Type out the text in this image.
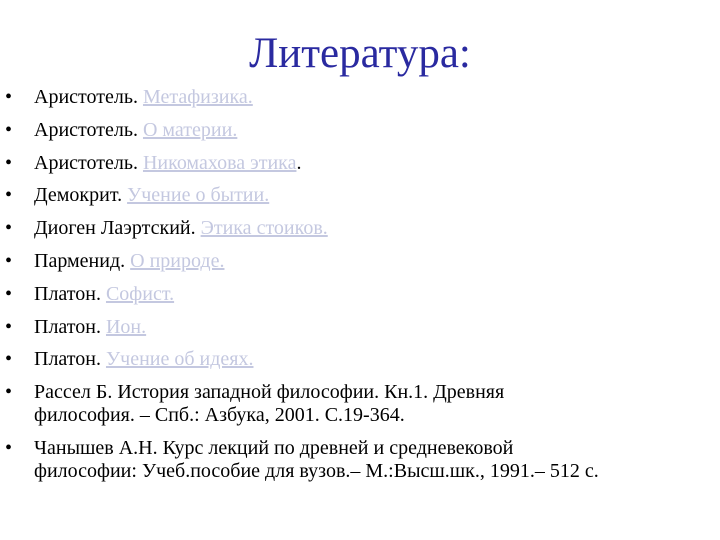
Литература:
• Аристотель. Метафизика.
• Аристотель. О материи.
• Аристотель. Никомахова этика.
• Демокрит. Учение о бытии.
• Диоген Лаэртский. Этика стоиков.
• Парменид. О природе.
• Платон. Софист.
• Платон. Ион.
• Платон. Учение об идеях.
• Рассел Б. История западной философии. Кн.1. Древняя
философия. – Спб.: Азбука, 2001. С.19-364.
• Чанышев А.Н. Курс лекций по древней и средневековой
философии: Учеб.пособие для вузов.– М.:Высш.шк., 1991.– 512 с.
